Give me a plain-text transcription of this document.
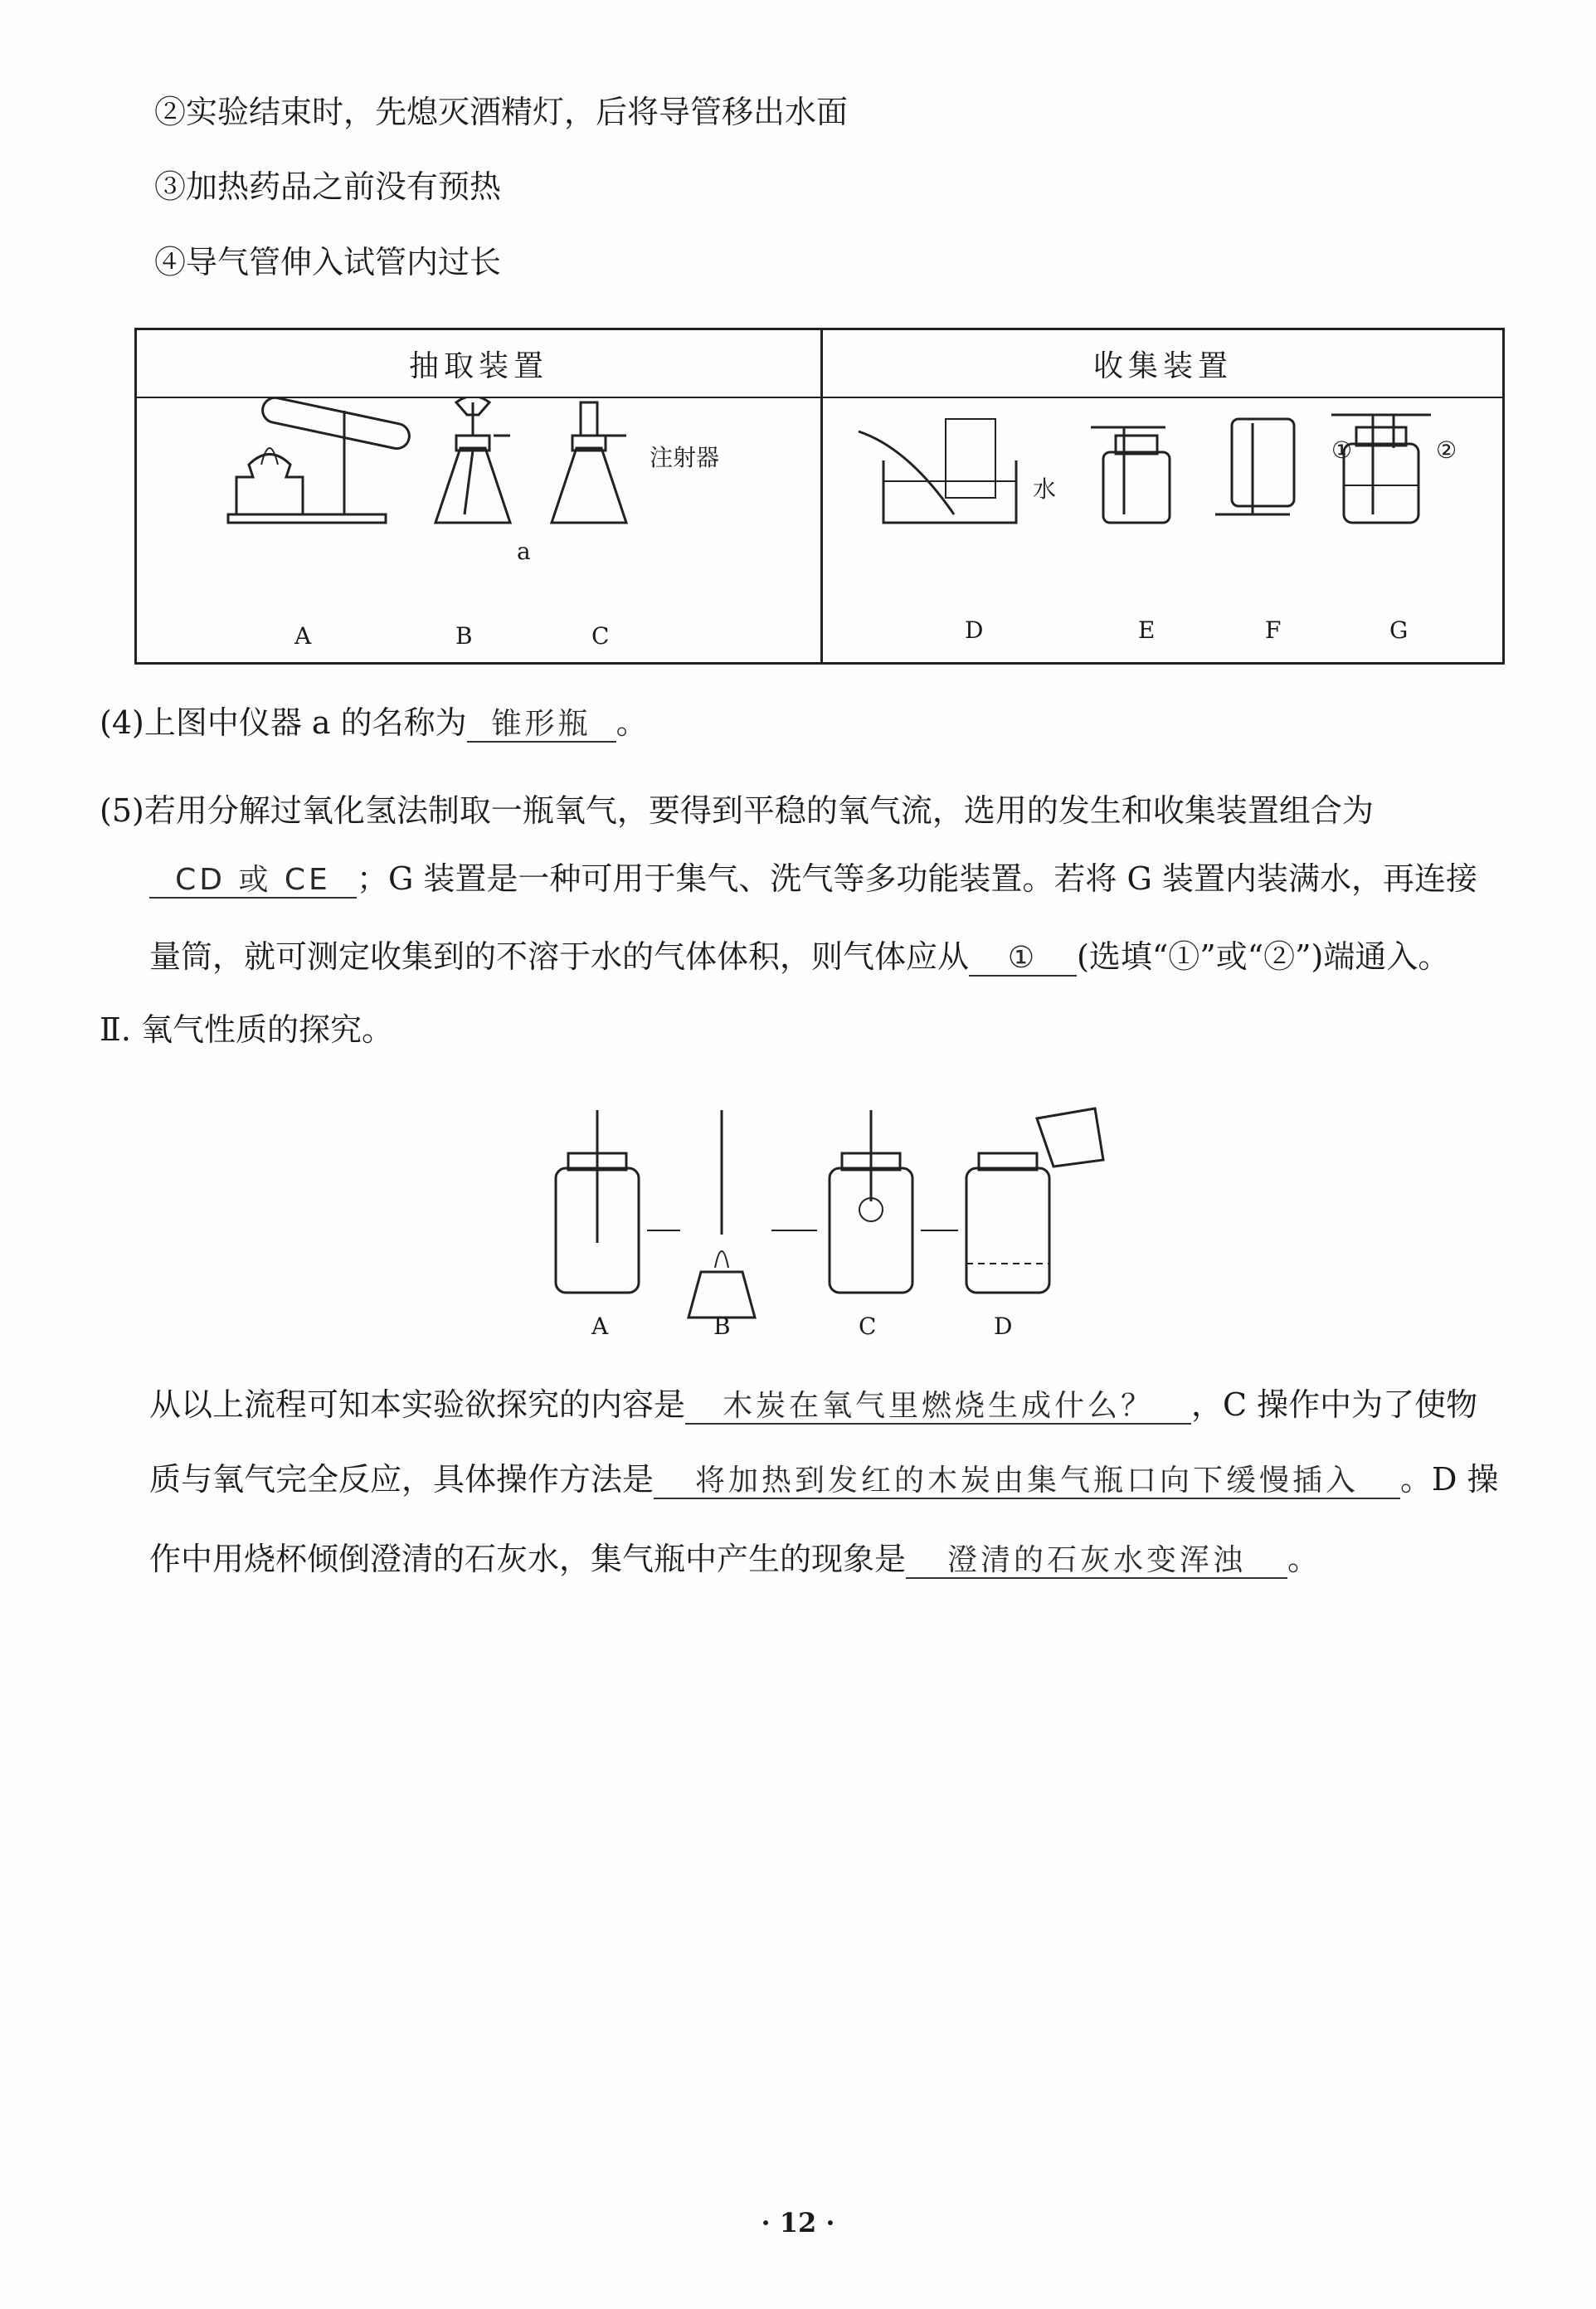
②实验结束时，先熄灭酒精灯，后将导管移出水面
③加热药品之前没有预热
④导气管伸入试管内过长
抽取装置	收集装置
A	B	C	D	E	F	G
注射器
水
a
①	②
(4)上图中仪器 a 的名称为 锥形瓶 。
(5)若用分解过氧化氢法制取一瓶氧气，要得到平稳的氧气流，选用的发生和收集装置组合为
CD 或 CE ；G 装置是一种可用于集气、洗气等多功能装置。若将 G 装置内装满水，再连接
量筒，就可测定收集到的不溶于水的气体体积，则气体应从 ① (选填“①”或“②”)端通入。
Ⅱ. 氧气性质的探究。
A	B	C	D
从以上流程可知本实验欲探究的内容是 木炭在氧气里燃烧生成什么？ ，C 操作中为了使物
质与氧气完全反应，具体操作方法是 将加热到发红的木炭由集气瓶口向下缓慢插入 。D 操
作中用烧杯倾倒澄清的石灰水，集气瓶中产生的现象是 澄清的石灰水变浑浊 。
· 12 ·
